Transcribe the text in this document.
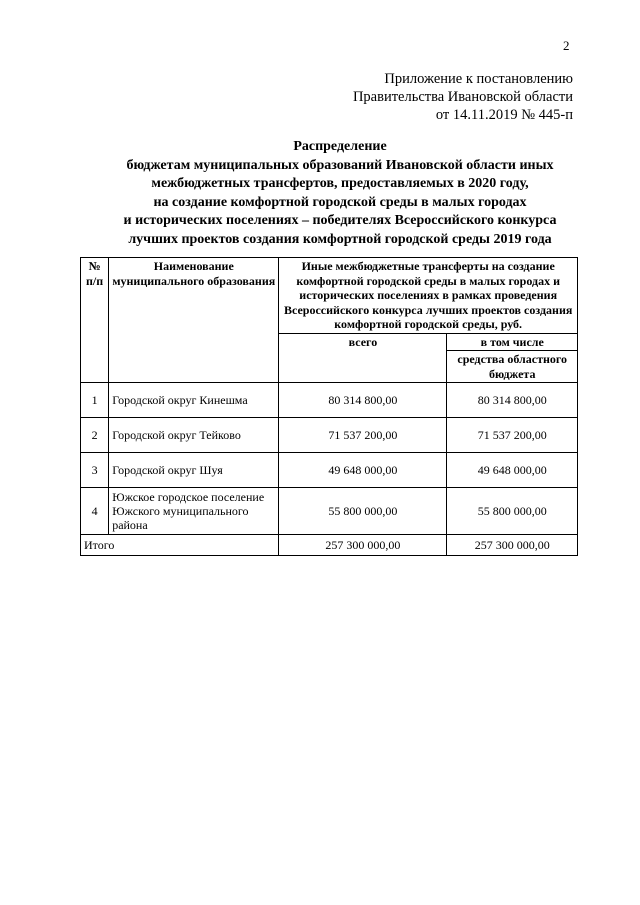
2
Приложение к постановлению
Правительства Ивановской области
от 14.11.2019 № 445-п
Распределение
бюджетам муниципальных образований Ивановской области иных
межбюджетных трансфертов, предоставляемых в 2020 году,
на создание комфортной городской среды в малых городах
и исторических поселениях – победителях Всероссийского конкурса
лучших проектов создания комфортной городской среды 2019 года
№ п/п	Наименование муниципального образования	Иные межбюджетные трансферты на создание комфортной городской среды в малых городах и исторических поселениях в рамках проведения Всероссийского конкурса лучших проектов создания комфортной городской среды, руб.	
		всего	в том числе
			средства областного бюджета
1	Городской округ Кинешма	80 314 800,00	80 314 800,00
2	Городской округ Тейково	71 537 200,00	71 537 200,00
3	Городской округ Шуя	49 648 000,00	49 648 000,00
4	Южское городское поселение Южского муниципального района	55 800 000,00	55 800 000,00
Итого		257 300 000,00	257 300 000,00
